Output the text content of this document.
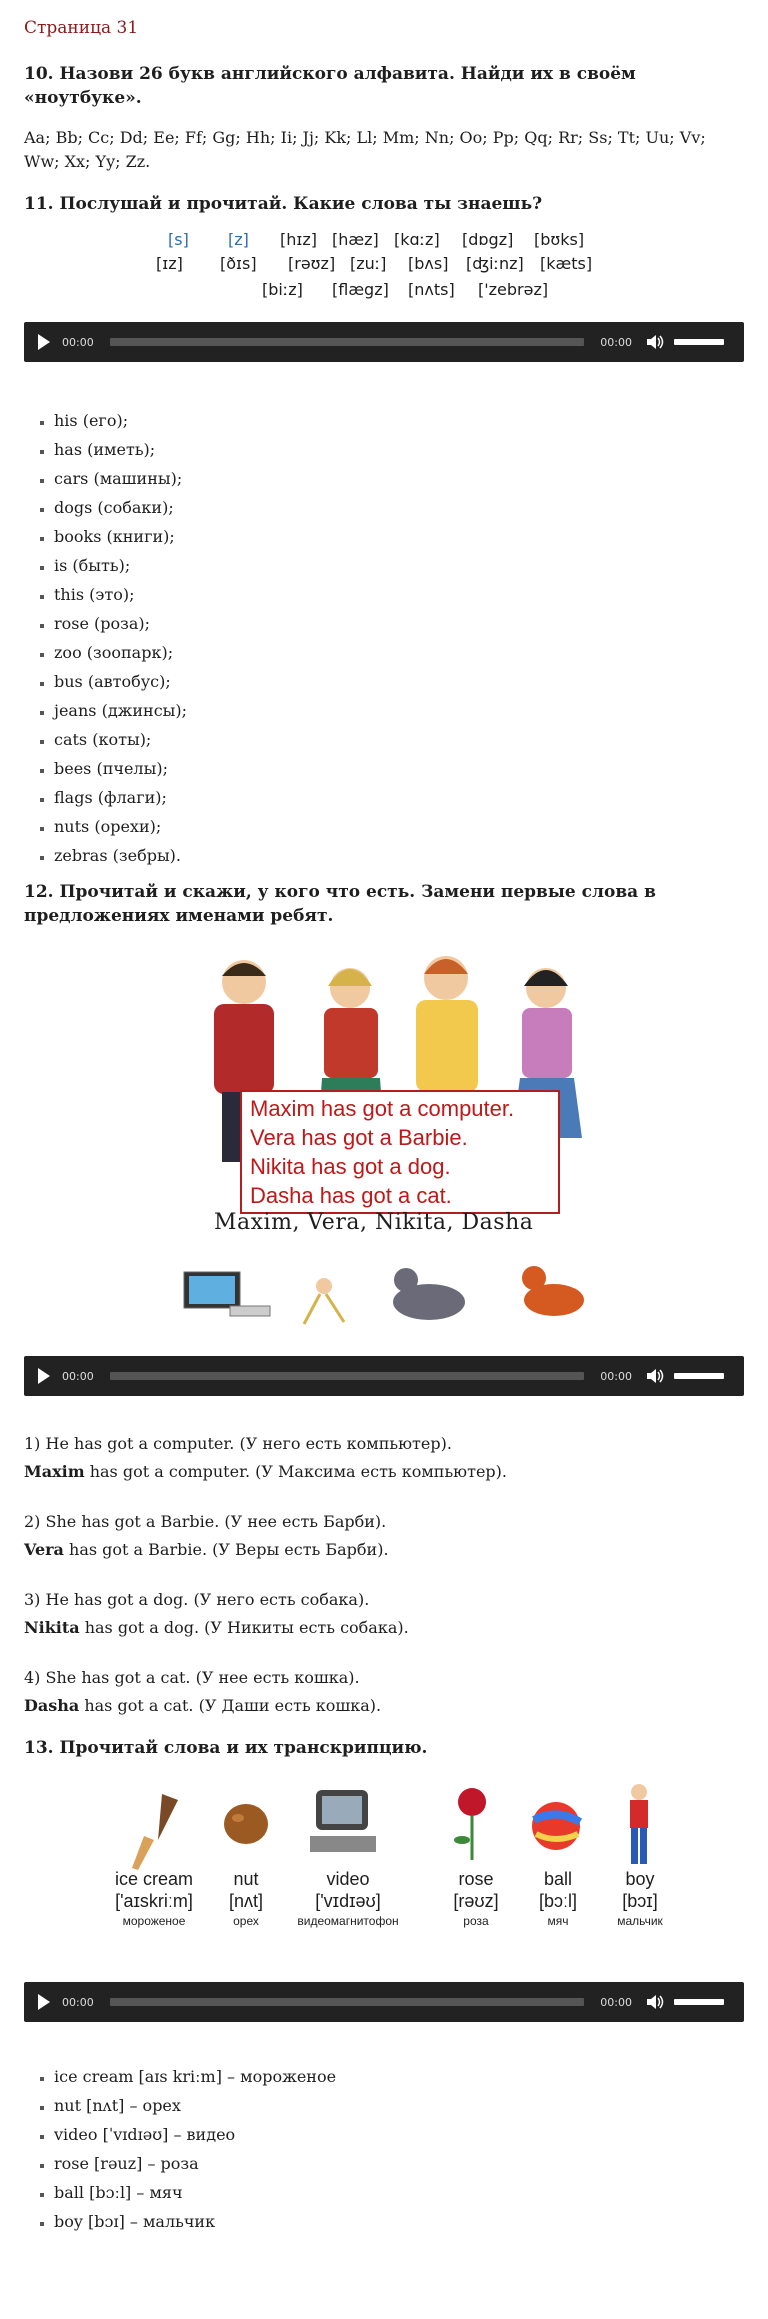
Страница 31
10. Назови 26 букв английского алфавита. Найди их в своём «ноутбуке».

Aa; Bb; Cc; Dd; Ee; Ff; Gg; Hh; Ii; Jj; Kk; Ll; Mm; Nn; Oo; Pp; Qq; Rr; Ss; Tt; Uu; Vv; Ww; Xx; Yy; Zz.

11. Послушай и прочитай. Какие слова ты знаешь?
[s] [z] [hɪz] [hæz] [kɑːz] [dɒgz] [bʊks]
[ɪz] [ðɪs] [rəʊz] [zuː] [bʌs] [ʤiːnz] [kæts]
[biːz] [flægz] [nʌts] ['zebrəz]
00:00	00:00
▪ his (его);
▪ has (иметь);
▪ cars (машины);
▪ dogs (собаки);
▪ books (книги);
▪ is (быть);
▪ this (это);
▪ rose (роза);
▪ zoo (зоопарк);
▪ bus (автобус);
▪ jeans (джинсы);
▪ cats (коты);
▪ bees (пчелы);
▪ flags (флаги);
▪ nuts (орехи);
▪ zebras (зебры).
12. Прочитай и скажи, у кого что есть. Замени первые слова в предложениях именами ребят.
Maxim has got a computer.
Vera has got a Barbie.
Nikita has got a dog.
Dasha has got a cat.
Maxim, Vera, Nikita, Dasha
00:00	00:00

1) He has got a computer. (У него есть компьютер).

Maxim has got a computer. (У Максима есть компьютер).

2) She has got a Barbie. (У нее есть Барби).

Vera has got a Barbie. (У Веры есть Барби).

3) He has got a dog. (У него есть собака).

Nikita has got a dog. (У Никиты есть собака).

4) She has got a cat. (У нее есть кошка).

Dasha has got a cat. (У Даши есть кошка).

13. Прочитай слова и их транскрипцию.
ice cream
['aɪskriːm]
мороженое
nut
[nʌt]
орех
video
['vɪdɪəʊ]
видеомагнитофон
rose
[rəʊz]
роза
ball
[bɔːl]
мяч
boy
[bɔɪ]
мальчик
00:00	00:00
▪ ice cream [aɪs kriːm] – мороженое
▪ nut [nʌt] – орех
▪ video [ˈvɪdɪəʊ] – видео
▪ rose [rəuz] – роза
▪ ball [bɔːl] – мяч
▪ boy [bɔɪ] – мальчик
